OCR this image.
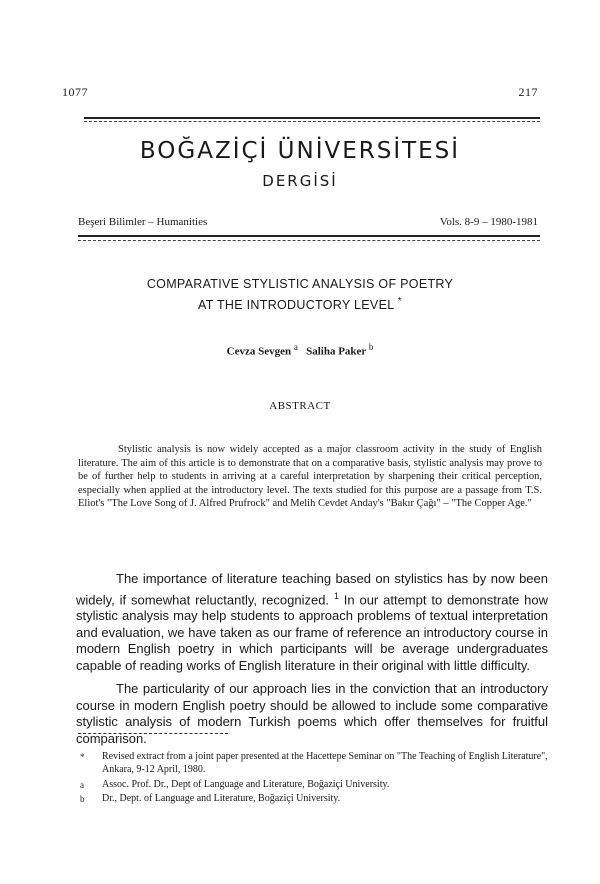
1077	217
BOĞAZİÇİ ÜNİVERSİTESİ
DERGİSİ
Beşeri Bilimler – Humanities	Vols. 8-9 – 1980-1981
COMPARATIVE STYLISTIC ANALYSIS OF POETRY
AT THE INTRODUCTORY LEVEL *
Cevza Sevgen $^a$ Saliha Paker $^b$
ABSTRACT

Stylistic analysis is now widely accepted as a major classroom activity in the study of English literature. The aim of this article is to demonstrate that on a comparative basis, stylistic analysis may prove to be of further help to students in arriving at a careful interpretation by sharpening their critical perception, especially when applied at the introductory level. The texts studied for this purpose are a passage from T.S. Eliot's "The Love Song of J. Alfred Prufrock" and Melih Cevdet Anday's "Bakır Çağı" – "The Copper Age."

The importance of literature teaching based on stylistics has by now been widely, if somewhat reluctantly, recognized. $^1$ In our attempt to demonstrate how stylistic analysis may help students to approach problems of textual interpretation and evaluation, we have taken as our frame of reference an introductory course in modern English poetry in which participants will be average undergraduates capable of reading works of English literature in their original with little difficulty.

The particularity of our approach lies in the conviction that an introductory course in modern English poetry should be allowed to include some comparative stylistic analysis of modern Turkish poems which offer themselves for fruitful comparison.

*	Revised extract from a joint paper presented at the Hacettepe Seminar on "The Teaching of English Literature", Ankara, 9-12 April, 1980.
a	Assoc. Prof. Dr., Dept of Language and Literature, Boğaziçi University.
b	Dr., Dept. of Language and Literature, Boğaziçi University.
